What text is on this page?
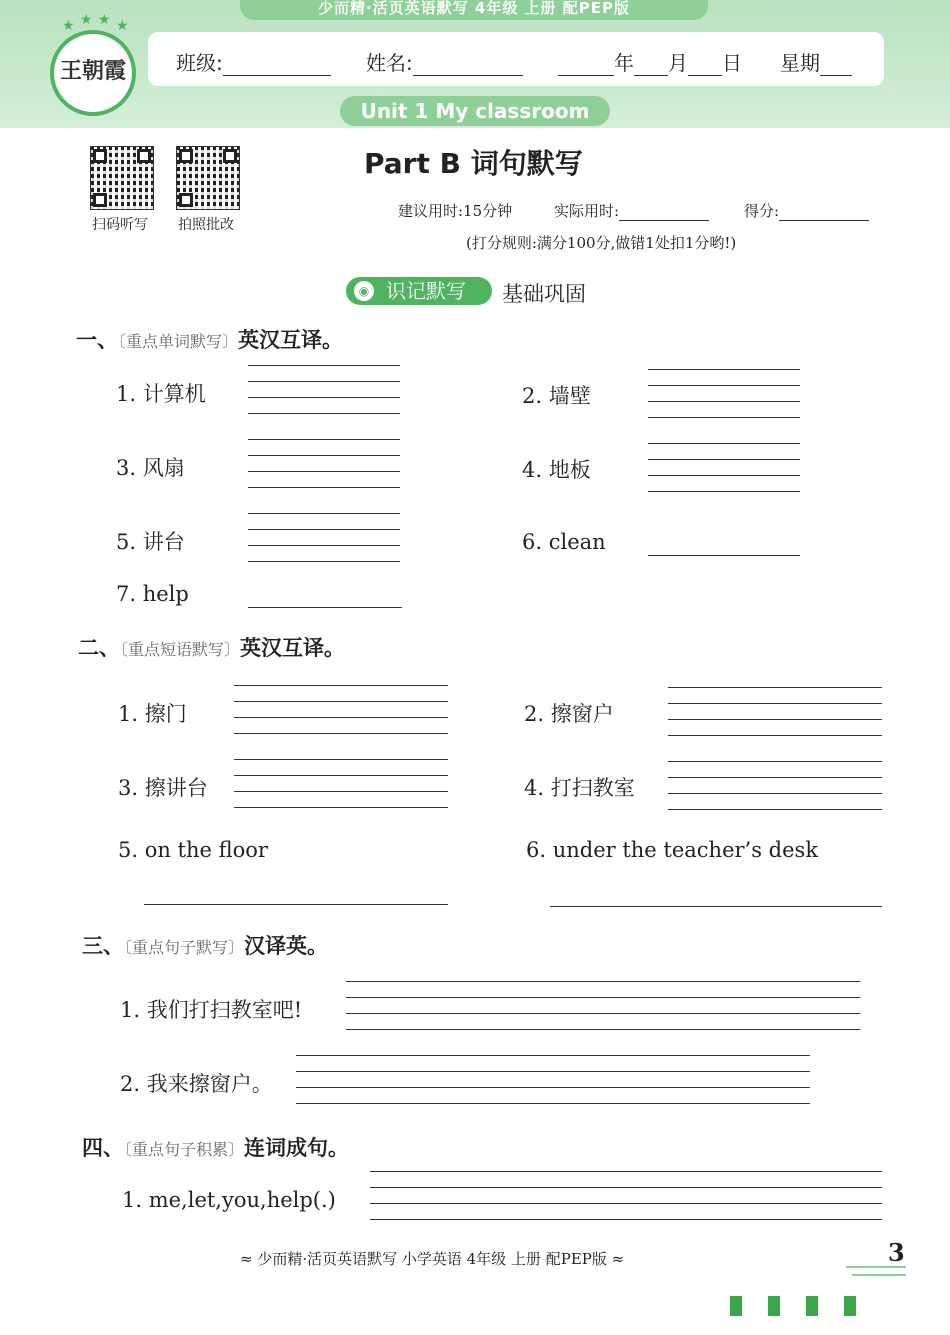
少而精·活页英语默写 4年级 上册 配PEP版
王朝霞
★ ★ ★ ★
班级:	姓名:	年 月 日 星期
Unit 1 My classroom
扫码听写 拍照批改
Part B 词句默写
建议用时:15分钟	实际用时:	得分:
(打分规则:满分100分,做错1处扣1分哟!)
识记默写
◉	基础巩固
一、〔重点单词默写〕英汉互译。
1. 计算机	2. 墙壁
3. 风扇	4. 地板
5. 讲台	6. clean
7. help
二、〔重点短语默写〕英汉互译。
1. 擦门	2. 擦窗户
3. 擦讲台	4. 打扫教室
5. on the floor	6. under the teacher’s desk
三、〔重点句子默写〕汉译英。
1. 我们打扫教室吧!
2. 我来擦窗户。
四、〔重点句子积累〕连词成句。
1. me,let,you,help(.)
≈ 少而精·活页英语默写 小学英语 4年级 上册 配PEP版 ≈	3
